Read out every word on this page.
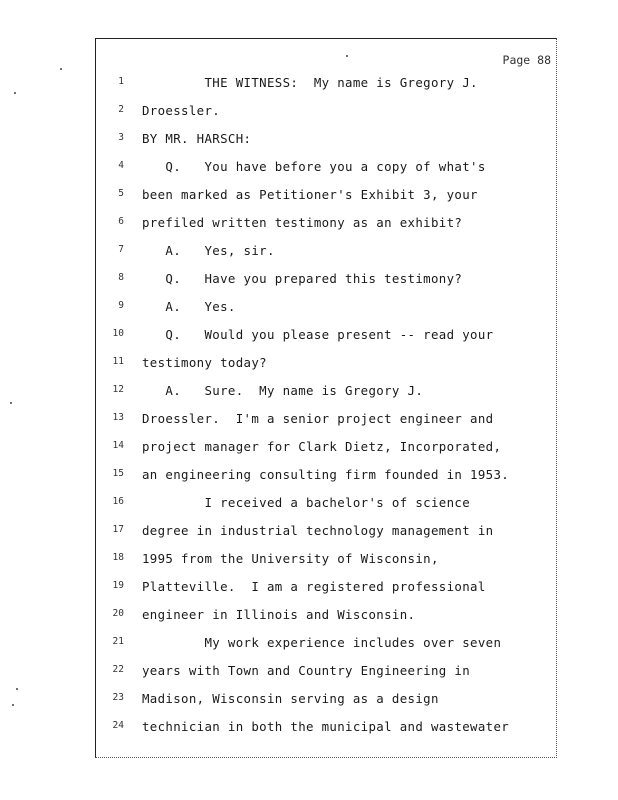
Page 88
1 THE WITNESS:  My name is Gregory J.
2 Droessler.
3 BY MR. HARSCH:
4 Q.   You have before you a copy of what's
5 been marked as Petitioner's Exhibit 3, your
6 prefiled written testimony as an exhibit?
7 A.   Yes, sir.
8 Q.   Have you prepared this testimony?
9 A.   Yes.
10 Q.   Would you please present -- read your
11 testimony today?
12 A.   Sure.  My name is Gregory J.
13 Droessler.  I'm a senior project engineer and
14 project manager for Clark Dietz, Incorporated,
15 an engineering consulting firm founded in 1953.
16 I received a bachelor's of science
17 degree in industrial technology management in
18 1995 from the University of Wisconsin,
19 Platteville.  I am a registered professional
20 engineer in Illinois and Wisconsin.
21 My work experience includes over seven
22 years with Town and Country Engineering in
23 Madison, Wisconsin serving as a design
24 technician in both the municipal and wastewater
